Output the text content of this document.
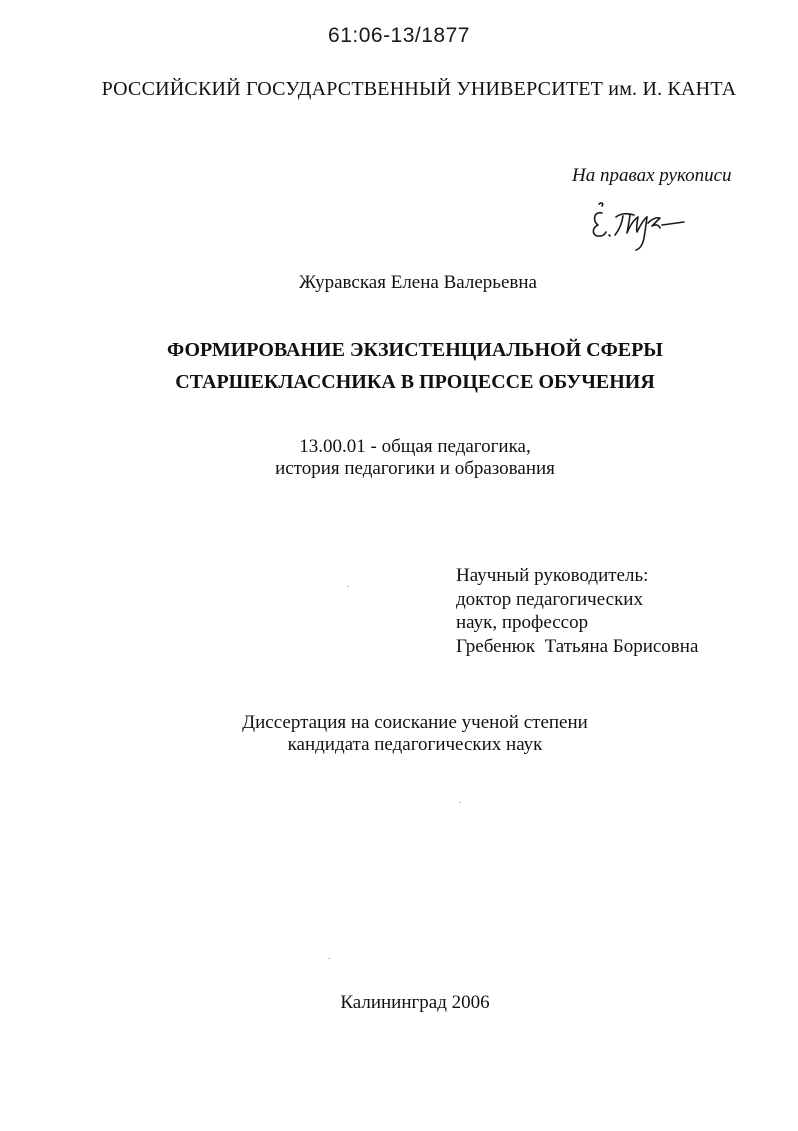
61:06-13/1877
РОССИЙСКИЙ ГОСУДАРСТВЕННЫЙ УНИВЕРСИТЕТ им. И. КАНТА
На правах рукописи
Журавская Елена Валерьевна
ФОРМИРОВАНИЕ ЭКЗИСТЕНЦИАЛЬНОЙ СФЕРЫ
СТАРШЕКЛАССНИКА В ПРОЦЕССЕ ОБУЧЕНИЯ
13.00.01 - общая педагогика,
история педагогики и образования
Научный руководитель:
доктор педагогических
наук, профессор
Гребенюк  Татьяна Борисовна
Диссертация на соискание ученой степени
кандидата педагогических наук
Калининград 2006
